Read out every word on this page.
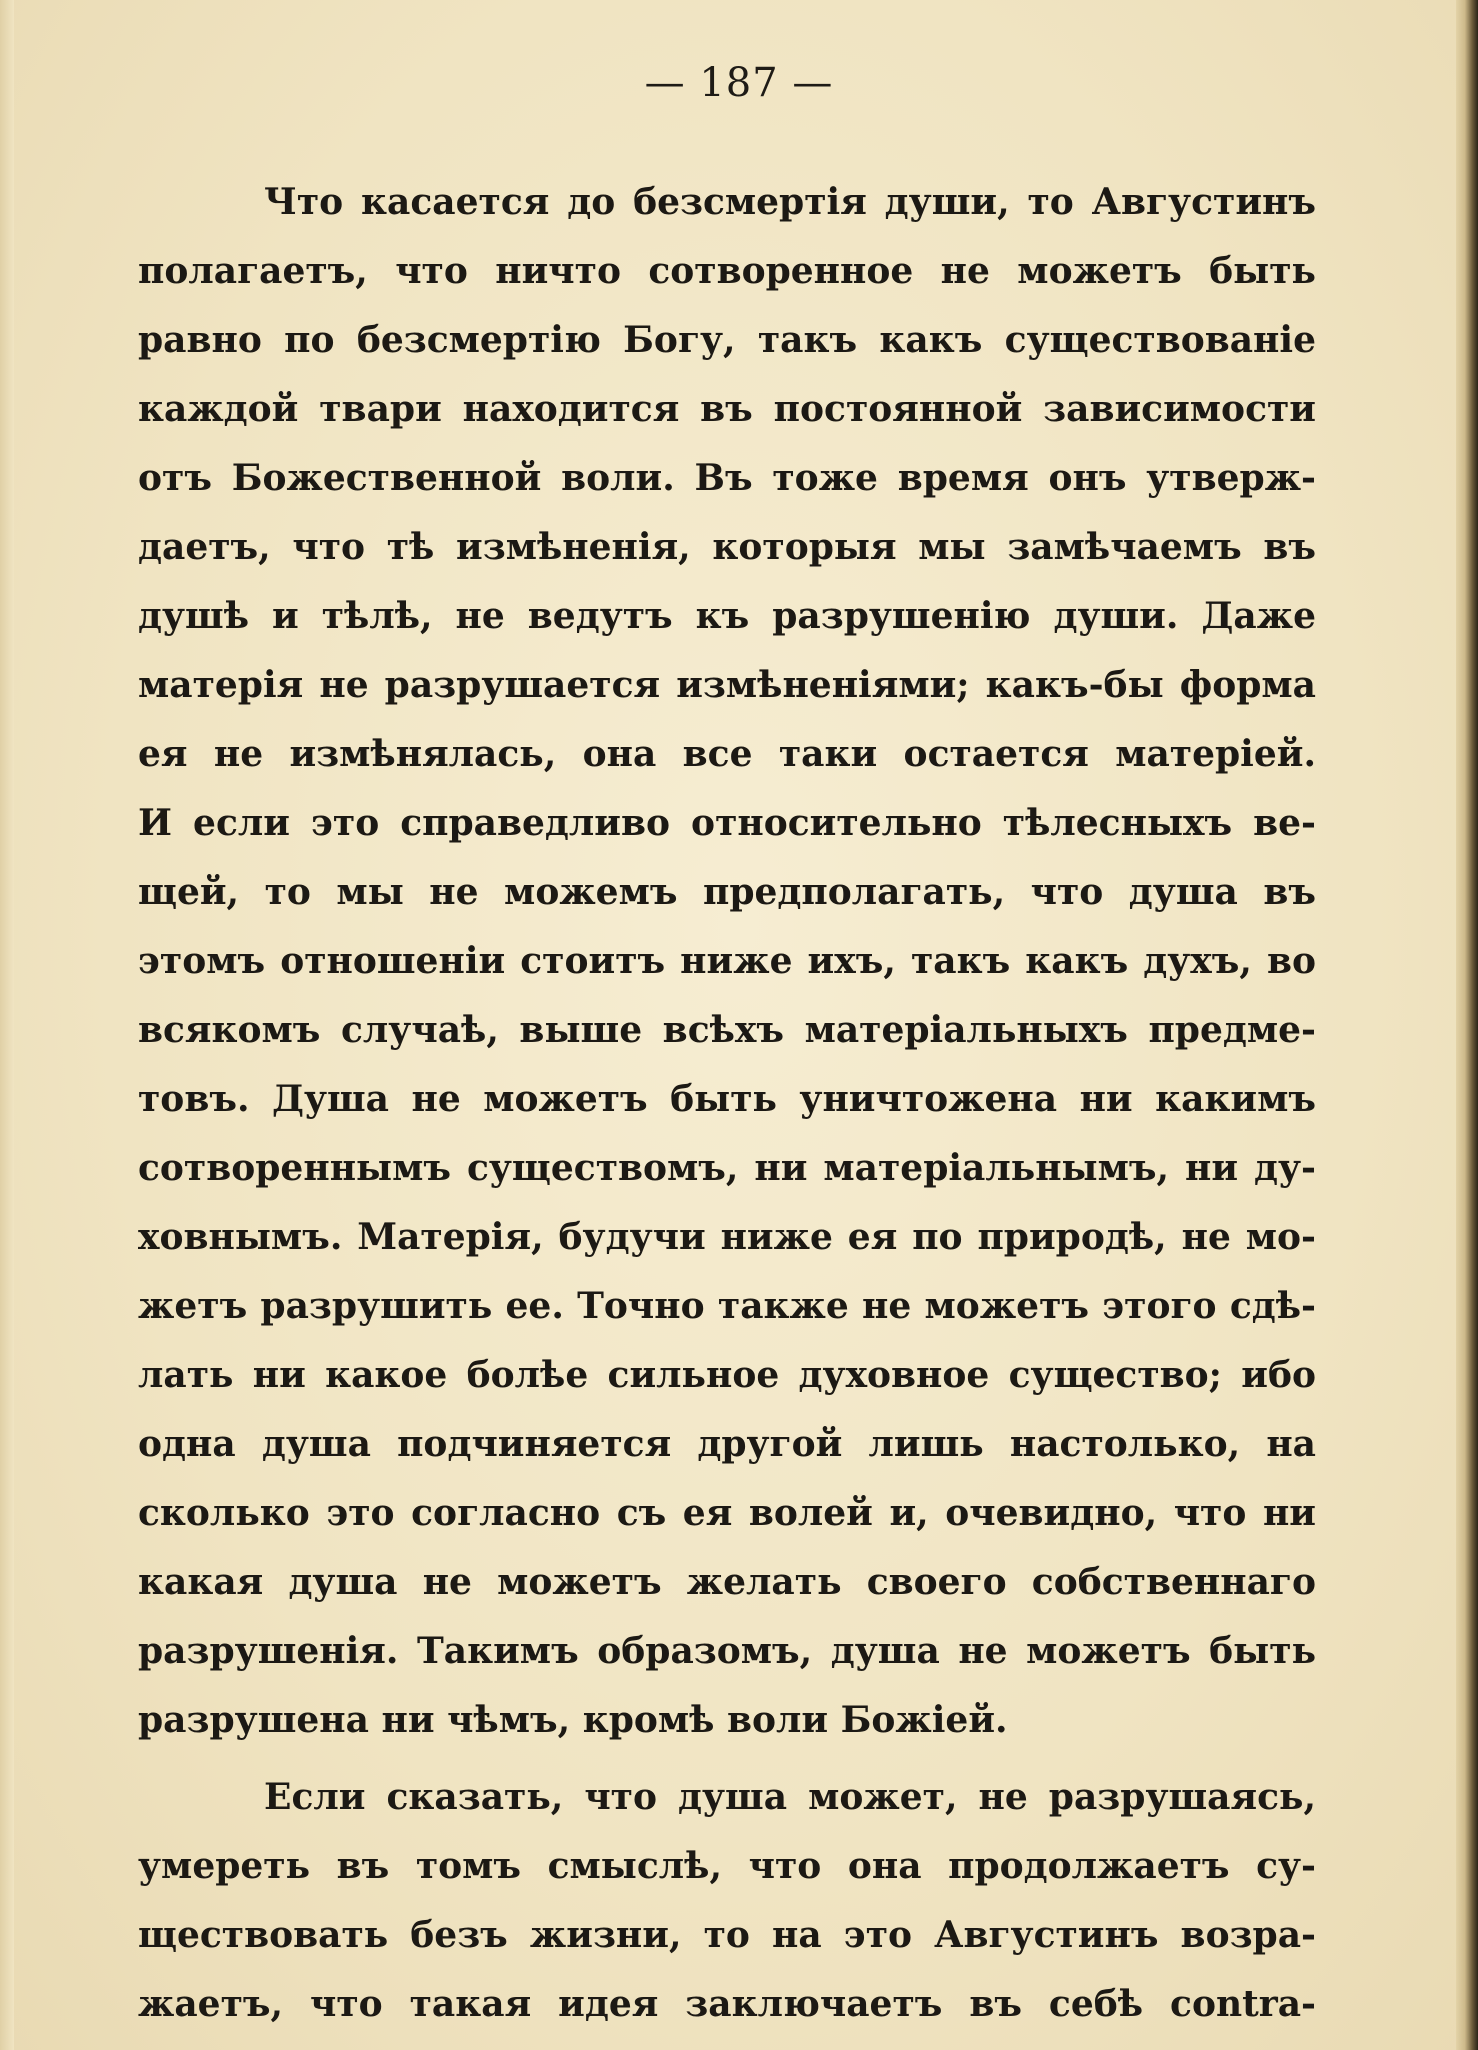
— 187 —
Что касается до безсмертія души, то Августинъ
полагаетъ, что ничто сотворенное не можетъ быть
равно по безсмертію Богу, такъ какъ существованіе
каждой твари находится въ постоянной зависимости
отъ Божественной воли. Въ тоже время онъ утверж-
даетъ, что тѣ измѣненія, которыя мы замѣчаемъ въ
душѣ и тѣлѣ, не ведутъ къ разрушенію души. Даже
матерія не разрушается измѣненіями; какъ-бы форма
ея не измѣнялась, она все таки остается матеріей.
И если это справедливо относительно тѣлесныхъ ве-
щей, то мы не можемъ предполагать, что душа въ
этомъ отношеніи стоитъ ниже ихъ, такъ какъ духъ, во
всякомъ случаѣ, выше всѣхъ матеріальныхъ предме-
товъ. Душа не можетъ быть уничтожена ни какимъ
сотвореннымъ существомъ, ни матеріальнымъ, ни ду-
ховнымъ. Матерія, будучи ниже ея по природѣ, не мо-
жетъ разрушить ее. Точно также не можетъ этого сдѣ-
лать ни какое болѣе сильное духовное существо; ибо
одна душа подчиняется другой лишь настолько, на
сколько это согласно съ ея волей и, очевидно, что ни
какая душа не можетъ желать своего собственнаго
разрушенія. Такимъ образомъ, душа не можетъ быть
разрушена ни чѣмъ, кромѣ воли Божіей.
Если сказать, что душа может, не разрушаясь,
умереть въ томъ смыслѣ, что она продолжаетъ су-
ществовать безъ жизни, то на это Августинъ возра-
жаетъ, что такая идея заключаетъ въ себѣ contra-
